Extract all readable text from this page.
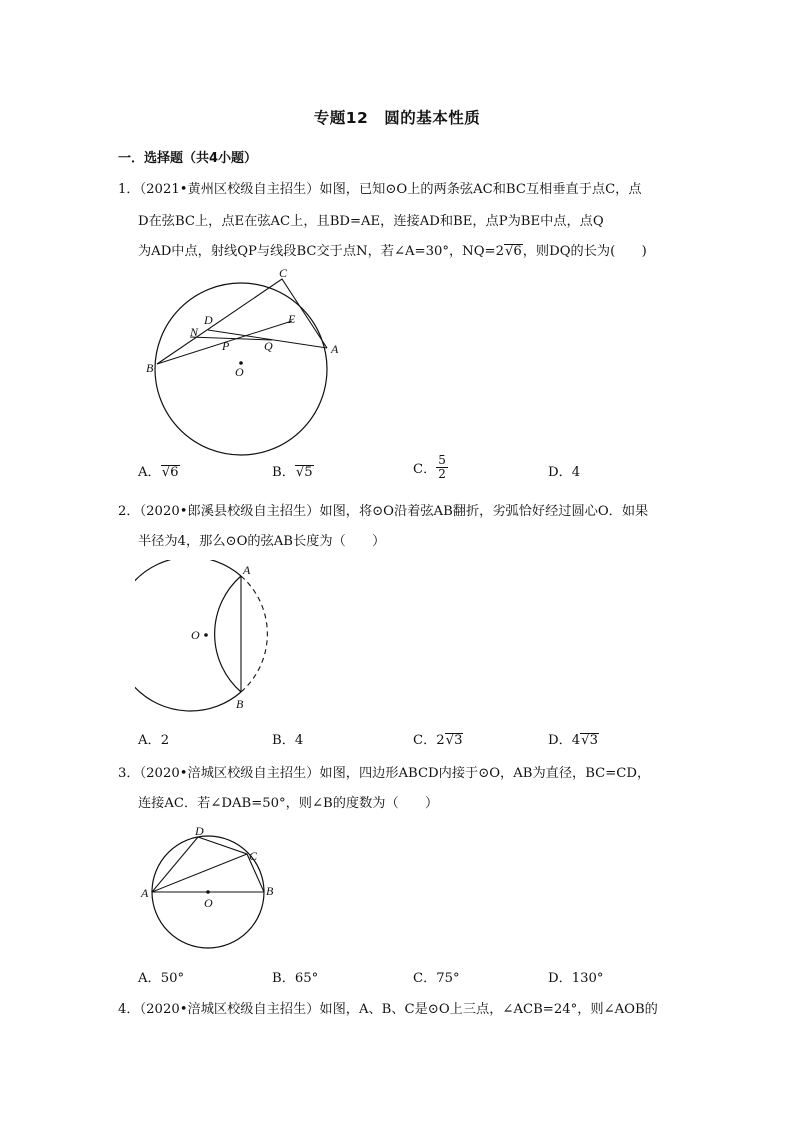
专题12　圆的基本性质
一．选择题（共4小题）
1．（2021•黄州区校级自主招生）如图，已知⊙O上的两条弦AC和BC互相垂直于点C，点
D在弦BC上，点E在弦AC上，且BD=AE，连接AD和BE，点P为BE中点，点Q
为AD中点，射线QP与线段BC交于点N，若∠A=30°，NQ=2√6，则DQ的长为(　　)
C
D	E
N
P	Q	A
B	O
A．√6	B．√5	C． $\frac{5}{2}$	D．4
2．（2020•郎溪县校级自主招生）如图，将⊙O沿着弦AB翻折，劣弧恰好经过圆心O．如果
半径为4，那么⊙O的弦AB长度为（　　）
A
O
B
A．2	B．4	C．2√3	D．4√3
3．（2020•涪城区校级自主招生）如图，四边形ABCD内接于⊙O，AB为直径，BC=CD，
连接AC．若∠DAB=50°，则∠B的度数为（　　）
D
C
A	B
O
A．50°	B．65°	C．75°	D．130°
4．（2020•涪城区校级自主招生）如图，A、B、C是⊙O上三点，∠ACB=24°，则∠AOB的
